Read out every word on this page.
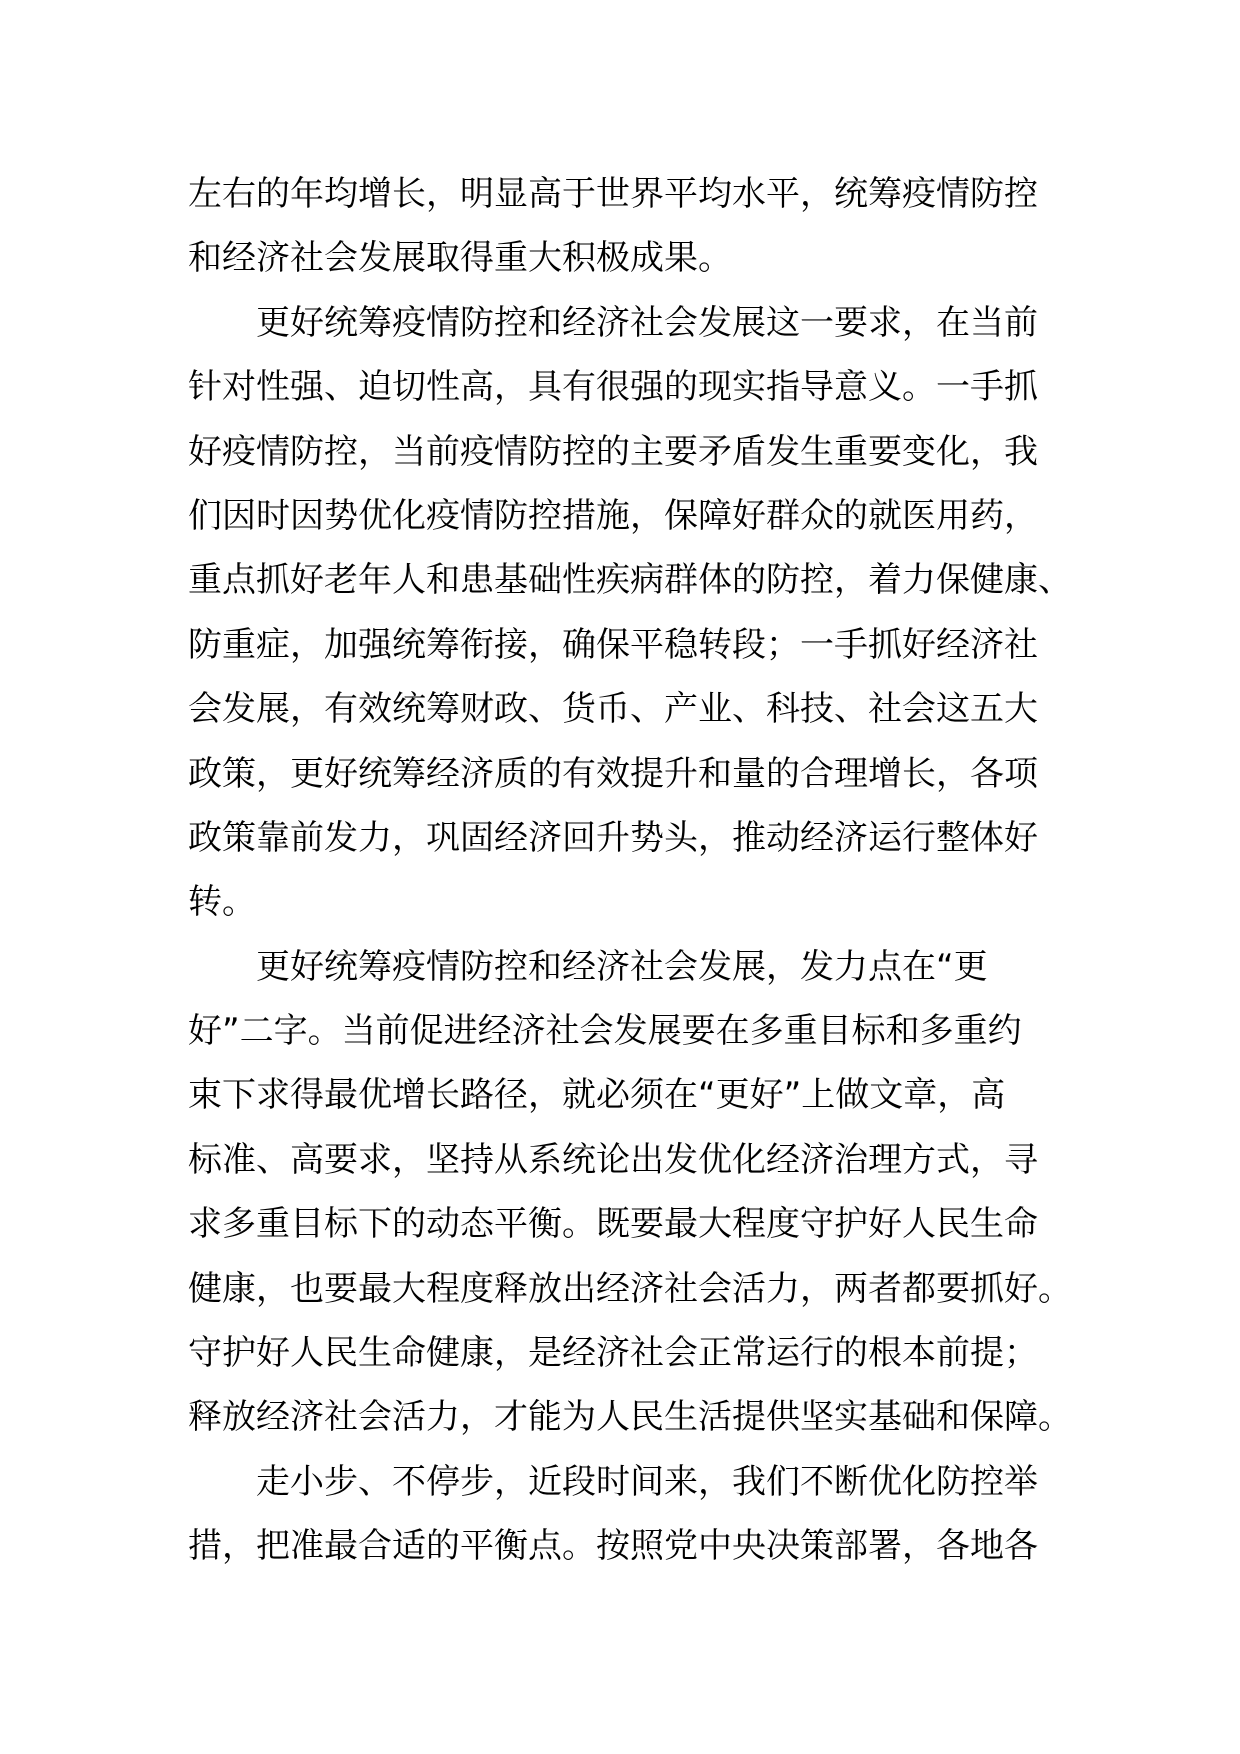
左右的年均增长，明显高于世界平均水平，统筹疫情防控
和经济社会发展取得重大积极成果。
更好统筹疫情防控和经济社会发展这一要求，在当前
针对性强、迫切性高，具有很强的现实指导意义。一手抓
好疫情防控，当前疫情防控的主要矛盾发生重要变化，我
们因时因势优化疫情防控措施，保障好群众的就医用药，
重点抓好老年人和患基础性疾病群体的防控，着力保健康、
防重症，加强统筹衔接，确保平稳转段；一手抓好经济社
会发展，有效统筹财政、货币、产业、科技、社会这五大
政策，更好统筹经济质的有效提升和量的合理增长，各项
政策靠前发力，巩固经济回升势头，推动经济运行整体好
转。
更好统筹疫情防控和经济社会发展，发力点在“更
好”二字。当前促进经济社会发展要在多重目标和多重约
束下求得最优增长路径，就必须在“更好”上做文章，高
标准、高要求，坚持从系统论出发优化经济治理方式，寻
求多重目标下的动态平衡。既要最大程度守护好人民生命
健康，也要最大程度释放出经济社会活力，两者都要抓好。
守护好人民生命健康，是经济社会正常运行的根本前提；
释放经济社会活力，才能为人民生活提供坚实基础和保障。
走小步、不停步，近段时间来，我们不断优化防控举
措，把准最合适的平衡点。按照党中央决策部署，各地各
